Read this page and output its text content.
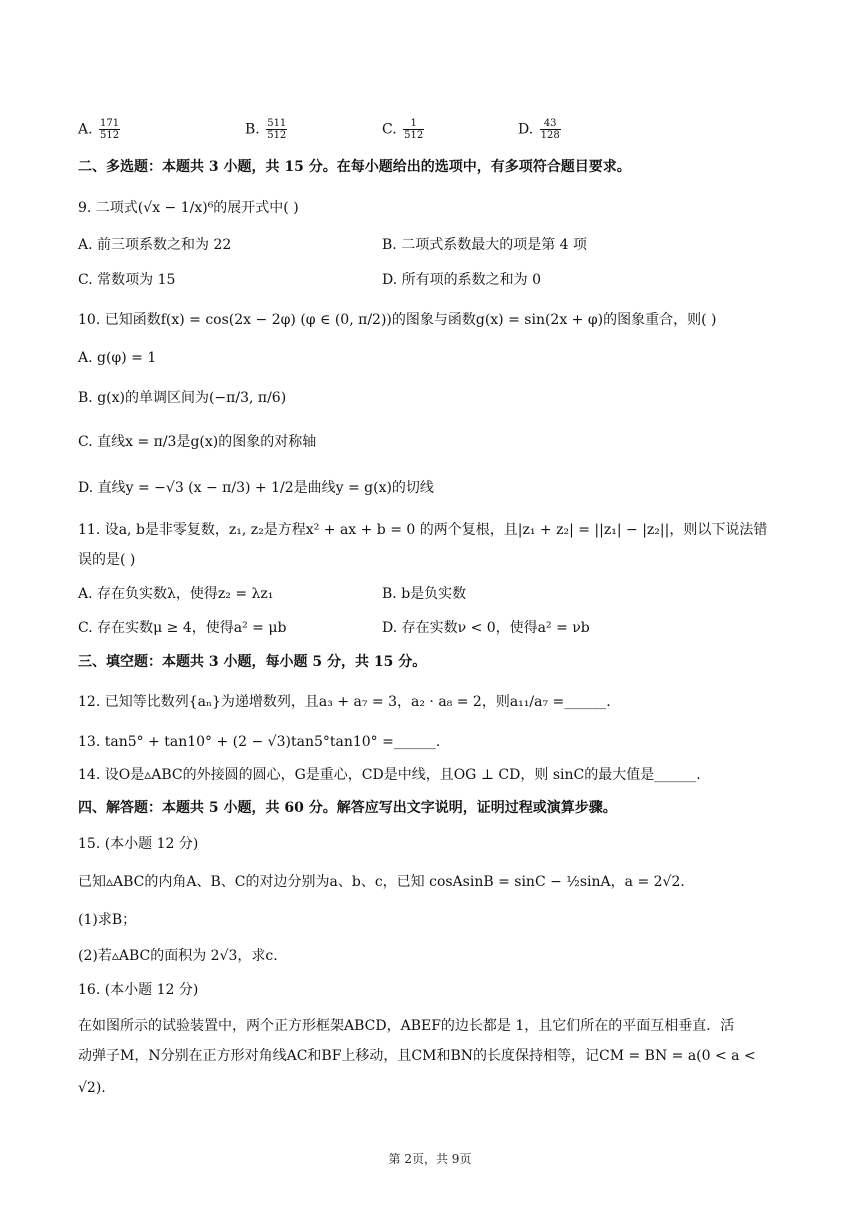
A. $\frac{171}{512}$	B. $\frac{511}{512}$	C. $\frac{1}{512}$	D. $\frac{43}{128}$
二、多选题：本题共 3 小题，共 15 分。在每小题给出的选项中，有多项符合题目要求。
9. 二项式(√x − 1/x)⁶的展开式中( )
A. 前三项系数之和为 22	B. 二项式系数最大的项是第 4 项
C. 常数项为 15	D. 所有项的系数之和为 0
10. 已知函数f(x) = cos(2x − 2φ) (φ ∈ (0, π/2))的图象与函数g(x) = sin(2x + φ)的图象重合，则( )
A. g(φ) = 1
B. g(x)的单调区间为(−π/3, π/6)
C. 直线x = π/3是g(x)的图象的对称轴
D. 直线y = −√3 (x − π/3) + 1/2是曲线y = g(x)的切线
11. 设a, b是非零复数，z₁, z₂是方程x² + ax + b = 0 的两个复根，且|z₁ + z₂| = ||z₁| − |z₂||，则以下说法错
误的是( )
A. 存在负实数λ，使得z₂ = λz₁	B. b是负实数
C. 存在实数μ ≥ 4，使得a² = μb	D. 存在实数ν < 0，使得a² = νb
三、填空题：本题共 3 小题，每小题 5 分，共 15 分。
12. 已知等比数列{aₙ}为递增数列，且a₃ + a₇ = 3，a₂ · a₈ = 2，则a₁₁/a₇ =______.
13. tan5° + tan10° + (2 − √3)tan5°tan10° =______.
14. 设O是▵ABC的外接圆的圆心，G是重心，CD是中线，且OG ⊥ CD，则 sinC的最大值是______.
四、解答题：本题共 5 小题，共 60 分。解答应写出文字说明，证明过程或演算步骤。
15. (本小题 12 分)
已知▵ABC的内角A、B、C的对边分别为a、b、c，已知 cosAsinB = sinC − ½sinA，a = 2√2.
(1)求B；
(2)若▵ABC的面积为 2√3，求c.
16. (本小题 12 分)
在如图所示的试验装置中，两个正方形框架ABCD，ABEF的边长都是 1，且它们所在的平面互相垂直．活
动弹子M，N分别在正方形对角线AC和BF上移动，且CM和BN的长度保持相等，记CM = BN = a(0 < a <
√2).
第 2页，共 9页
